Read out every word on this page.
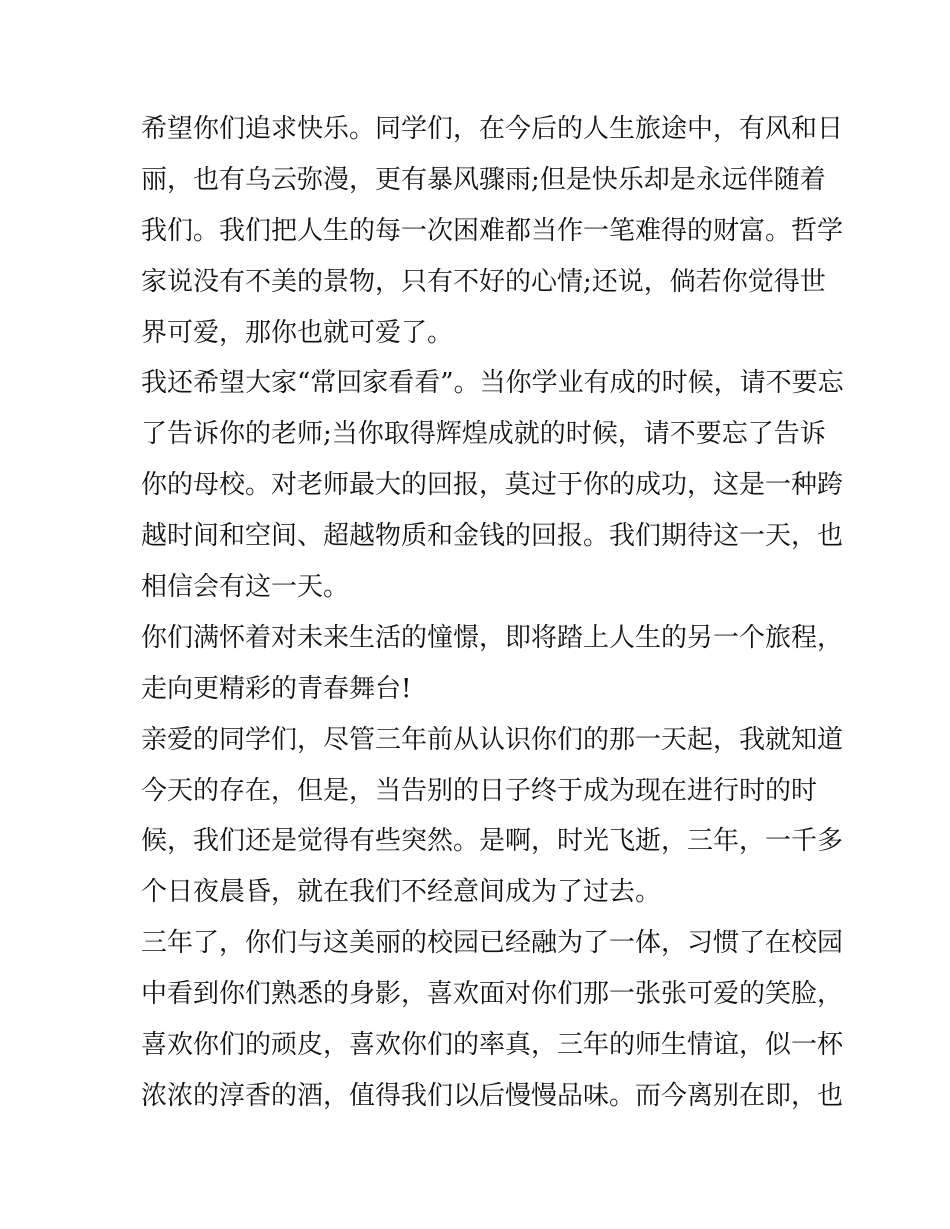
希望你们追求快乐。同学们，在今后的人生旅途中，有风和日
丽，也有乌云弥漫，更有暴风骤雨;但是快乐却是永远伴随着
我们。我们把人生的每一次困难都当作一笔难得的财富。哲学
家说没有不美的景物，只有不好的心情;还说，倘若你觉得世
界可爱，那你也就可爱了。
我还希望大家“常回家看看”。当你学业有成的时候，请不要忘
了告诉你的老师;当你取得辉煌成就的时候，请不要忘了告诉
你的母校。对老师最大的回报，莫过于你的成功，这是一种跨
越时间和空间、超越物质和金钱的回报。我们期待这一天，也
相信会有这一天。
你们满怀着对未来生活的憧憬，即将踏上人生的另一个旅程，
走向更精彩的青春舞台!
亲爱的同学们，尽管三年前从认识你们的那一天起，我就知道
今天的存在，但是，当告别的日子终于成为现在进行时的时
候，我们还是觉得有些突然。是啊，时光飞逝，三年，一千多
个日夜晨昏，就在我们不经意间成为了过去。
三年了，你们与这美丽的校园已经融为了一体，习惯了在校园
中看到你们熟悉的身影，喜欢面对你们那一张张可爱的笑脸，
喜欢你们的顽皮，喜欢你们的率真，三年的师生情谊，似一杯
浓浓的淳香的酒，值得我们以后慢慢品味。而今离别在即，也
